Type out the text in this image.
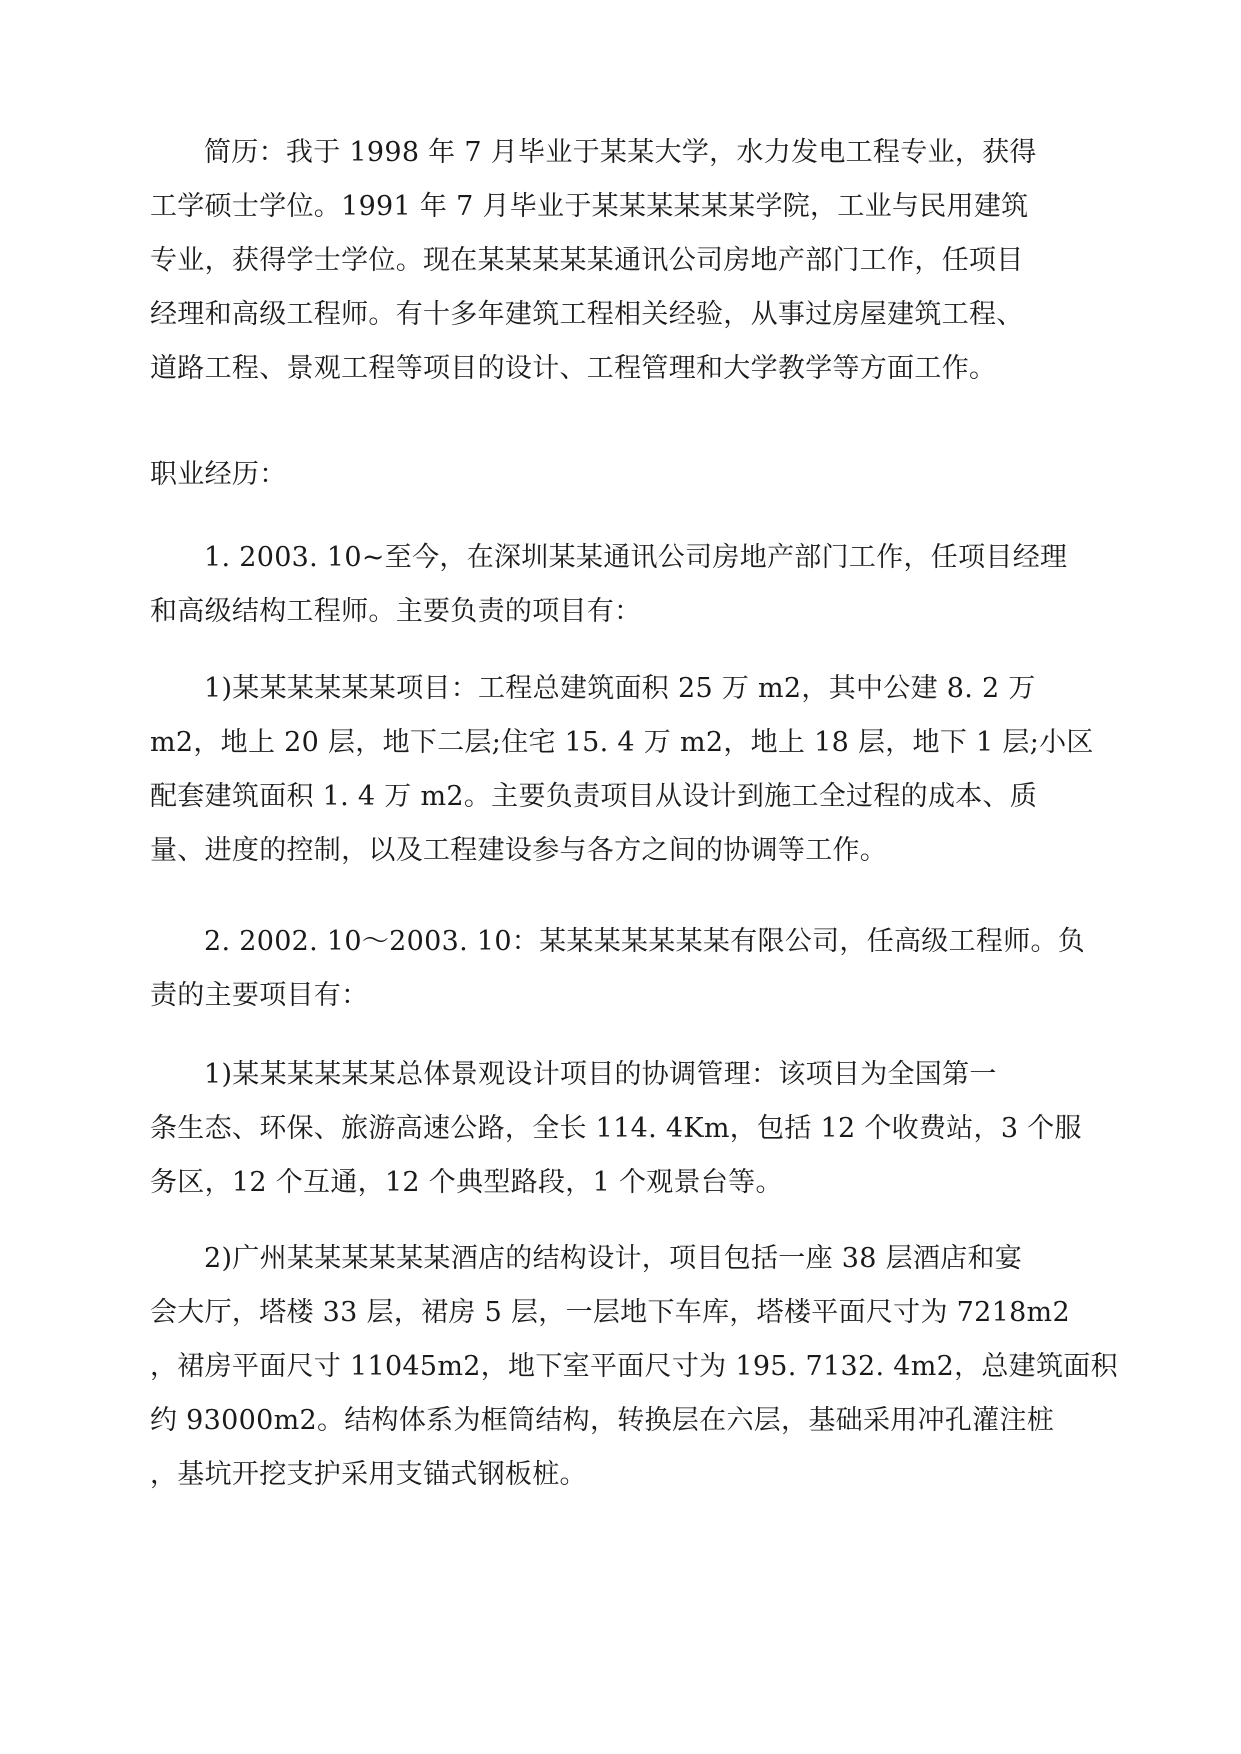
简历：我于 1998 年 7 月毕业于某某大学，水力发电工程专业，获得
工学硕士学位。1991 年 7 月毕业于某某某某某某学院，工业与民用建筑
专业，获得学士学位。现在某某某某某通讯公司房地产部门工作，任项目
经理和高级工程师。有十多年建筑工程相关经验，从事过房屋建筑工程、
道路工程、景观工程等项目的设计、工程管理和大学教学等方面工作。

职业经历：

1. 2003. 10~至今，在深圳某某通讯公司房地产部门工作，任项目经理
和高级结构工程师。主要负责的项目有：

1)某某某某某某项目：工程总建筑面积 25 万 m2，其中公建 8. 2 万
m2，地上 20 层，地下二层;住宅 15. 4 万 m2，地上 18 层，地下 1 层;小区
配套建筑面积 1. 4 万 m2。主要负责项目从设计到施工全过程的成本、质
量、进度的控制，以及工程建设参与各方之间的协调等工作。

2. 2002. 10～2003. 10：某某某某某某某有限公司，任高级工程师。负
责的主要项目有：

1)某某某某某某总体景观设计项目的协调管理：该项目为全国第一
条生态、环保、旅游高速公路，全长 114. 4Km，包括 12 个收费站，3 个服
务区，12 个互通，12 个典型路段，1 个观景台等。

2)广州某某某某某某酒店的结构设计，项目包括一座 38 层酒店和宴
会大厅，塔楼 33 层，裙房 5 层，一层地下车库，塔楼平面尺寸为 7218m2
，裙房平面尺寸 11045m2，地下室平面尺寸为 195. 7132. 4m2，总建筑面积
约 93000m2。结构体系为框筒结构，转换层在六层，基础采用冲孔灌注桩
，基坑开挖支护采用支锚式钢板桩。
